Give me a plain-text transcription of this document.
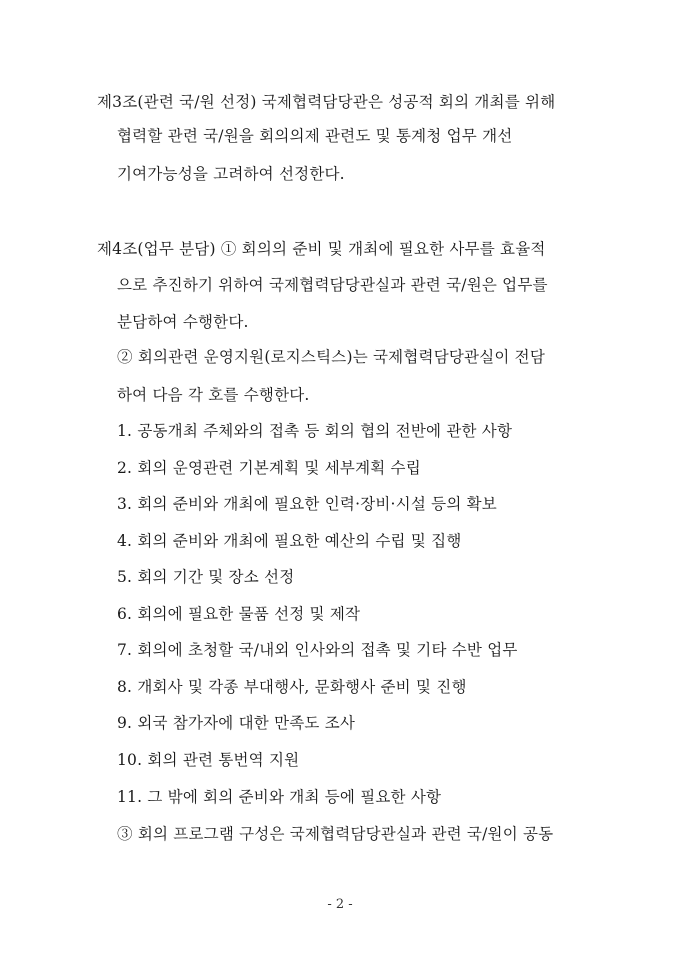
제3조(관련 국/원 선정) 국제협력담당관은 성공적 회의 개최를 위해
협력할 관련 국/원을 회의의제 관련도 및 통계청 업무 개선
기여가능성을 고려하여 선정한다.
제4조(업무 분담) ① 회의의 준비 및 개최에 필요한 사무를 효율적
으로 추진하기 위하여 국제협력담당관실과 관련 국/원은 업무를
분담하여 수행한다.
② 회의관련 운영지원(로지스틱스)는 국제협력담당관실이 전담
하여 다음 각 호를 수행한다.
1. 공동개최 주체와의 접촉 등 회의 협의 전반에 관한 사항
2. 회의 운영관련 기본계획 및 세부계획 수립
3. 회의 준비와 개최에 필요한 인력·장비·시설 등의 확보
4. 회의 준비와 개최에 필요한 예산의 수립 및 집행
5. 회의 기간 및 장소 선정
6. 회의에 필요한 물품 선정 및 제작
7. 회의에 초청할 국/내외 인사와의 접촉 및 기타 수반 업무
8. 개회사 및 각종 부대행사, 문화행사 준비 및 진행
9. 외국 참가자에 대한 만족도 조사
10. 회의 관련 통번역 지원
11. 그 밖에 회의 준비와 개최 등에 필요한 사항
③ 회의 프로그램 구성은 국제협력담당관실과 관련 국/원이 공동
- 2 -
